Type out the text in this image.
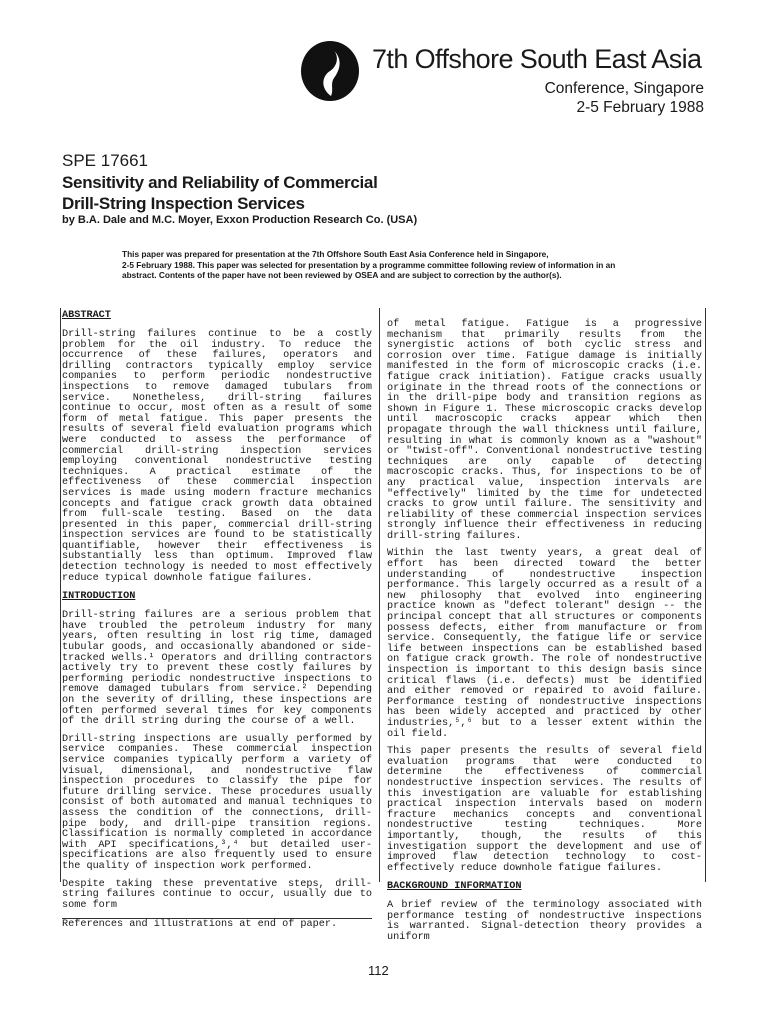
7th Offshore South East Asia
Conference, Singapore
2-5 February 1988
SPE 17661
Sensitivity and Reliability of Commercial
Drill-String Inspection Services
by B.A. Dale and M.C. Moyer, Exxon Production Research Co. (USA)
This paper was prepared for presentation at the 7th Offshore South East Asia Conference held in Singapore,
2-5 February 1988. This paper was selected for presentation by a programme committee following review of information in an
abstract. Contents of the paper have not been reviewed by OSEA and are subject to correction by the author(s).
ABSTRACT

Drill-string failures continue to be a costly problem for the oil industry. To reduce the occurrence of these failures, operators and drilling contractors typically employ service companies to perform periodic nondestructive inspections to remove damaged tubulars from service. Nonetheless, drill-string failures continue to occur, most often as a result of some form of metal fatigue. This paper presents the results of several field evaluation programs which were conducted to assess the performance of commercial drill-string inspection services employing conventional nondestructive testing techniques. A practical estimate of the effectiveness of these commercial inspection services is made using modern fracture mechanics concepts and fatigue crack growth data obtained from full-scale testing. Based on the data presented in this paper, commercial drill-string inspection services are found to be statistically quantifiable, however their effectiveness is substantially less than optimum. Improved flaw detection technology is needed to most effectively reduce typical downhole fatigue failures.

INTRODUCTION

Drill-string failures are a serious problem that have troubled the petroleum industry for many years, often resulting in lost rig time, damaged tubular goods, and occasionally abandoned or side-tracked wells.¹ Operators and drilling contractors actively try to prevent these costly failures by performing periodic nondestructive inspections to remove damaged tubulars from service.² Depending on the severity of drilling, these inspections are often performed several times for key components of the drill string during the course of a well.

Drill-string inspections are usually performed by service companies. These commercial inspection service companies typically perform a variety of visual, dimensional, and nondestructive flaw inspection procedures to classify the pipe for future drilling service. These procedures usually consist of both automated and manual techniques to assess the condition of the connections, drill-pipe body, and drill-pipe transition regions. Classification is normally completed in accordance with API specifications,³,⁴ but detailed user-specifications are also frequently used to ensure the quality of inspection work performed.

Despite taking these preventative steps, drill-string failures continue to occur, usually due to some form

References and illustrations at end of paper.

of metal fatigue. Fatigue is a progressive mechanism that primarily results from the synergistic actions of both cyclic stress and corrosion over time. Fatigue damage is initially manifested in the form of microscopic cracks (i.e. fatigue crack initiation). Fatigue cracks usually originate in the thread roots of the connections or in the drill-pipe body and transition regions as shown in Figure 1. These microscopic cracks develop until macroscopic cracks appear which then propagate through the wall thickness until failure, resulting in what is commonly known as a "washout" or "twist-off". Conventional nondestructive testing techniques are only capable of detecting macroscopic cracks. Thus, for inspections to be of any practical value, inspection intervals are "effectively" limited by the time for undetected cracks to grow until failure. The sensitivity and reliability of these commercial inspection services strongly influence their effectiveness in reducing drill-string failures.

Within the last twenty years, a great deal of effort has been directed toward the better understanding of nondestructive inspection performance. This largely occurred as a result of a new philosophy that evolved into engineering practice known as "defect tolerant" design -- the principal concept that all structures or components possess defects, either from manufacture or from service. Consequently, the fatigue life or service life between inspections can be established based on fatigue crack growth. The role of nondestructive inspection is important to this design basis since critical flaws (i.e. defects) must be identified and either removed or repaired to avoid failure. Performance testing of nondestructive inspections has been widely accepted and practiced by other industries,⁵,⁶ but to a lesser extent within the oil field.

This paper presents the results of several field evaluation programs that were conducted to determine the effectiveness of commercial nondestructive inspection services. The results of this investigation are valuable for establishing practical inspection intervals based on modern fracture mechanics concepts and conventional nondestructive testing techniques. More importantly, though, the results of this investigation support the development and use of improved flaw detection technology to cost-effectively reduce downhole fatigue failures.

BACKGROUND INFORMATION

A brief review of the terminology associated with performance testing of nondestructive inspections is warranted. Signal-detection theory provides a uniform

112
